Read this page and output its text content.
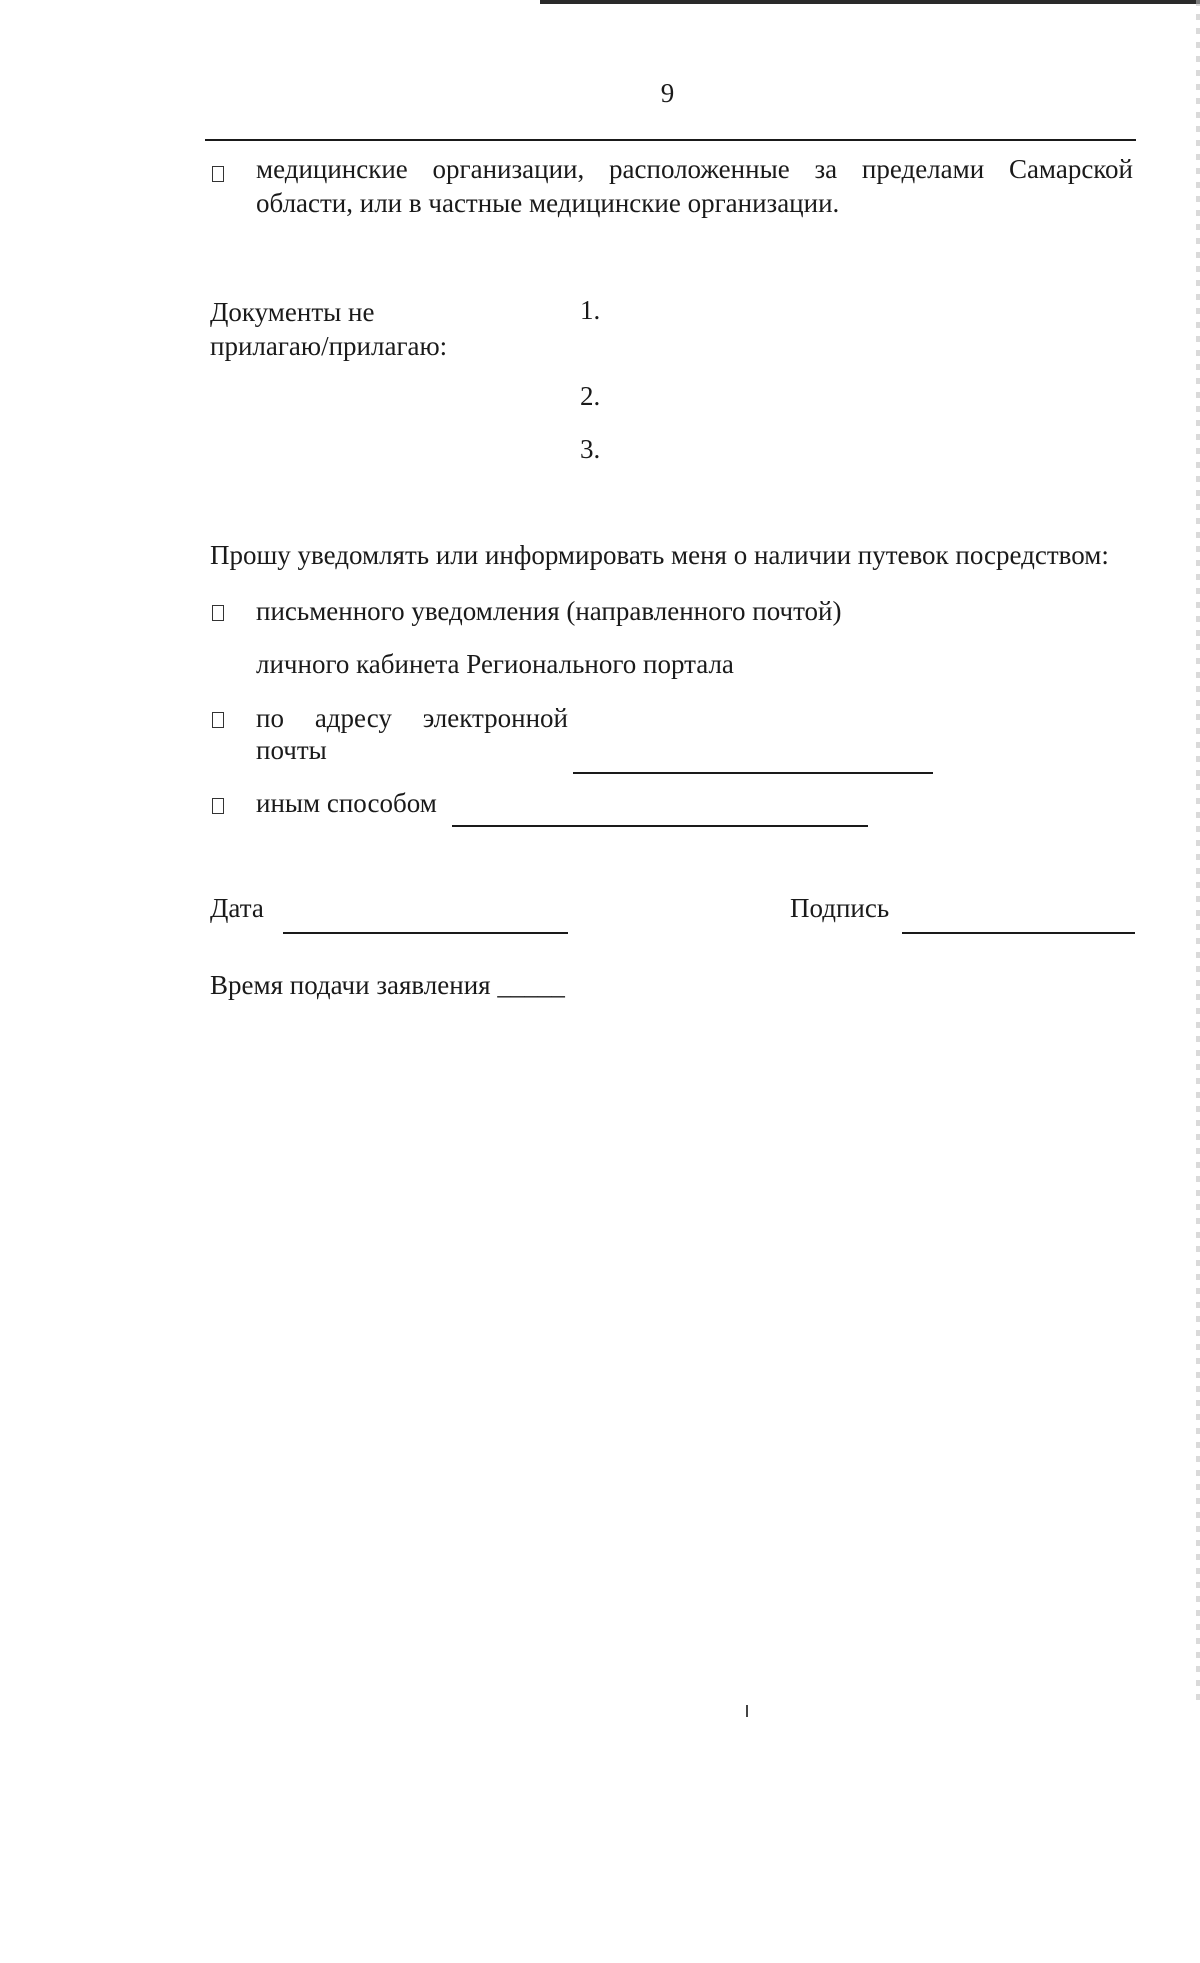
9
медицинские организации, расположенные за пределами Самарской области, или в частные медицинские организации.
Документы не прилагаю/прилагаю:
1.
2.
3.
Прошу уведомлять или информировать меня о наличии путевок посредством:
письменного уведомления (направленного почтой)
личного кабинета Регионального портала
по адресу электронной почты
иным способом
Дата	Подпись
Время подачи заявления _____
